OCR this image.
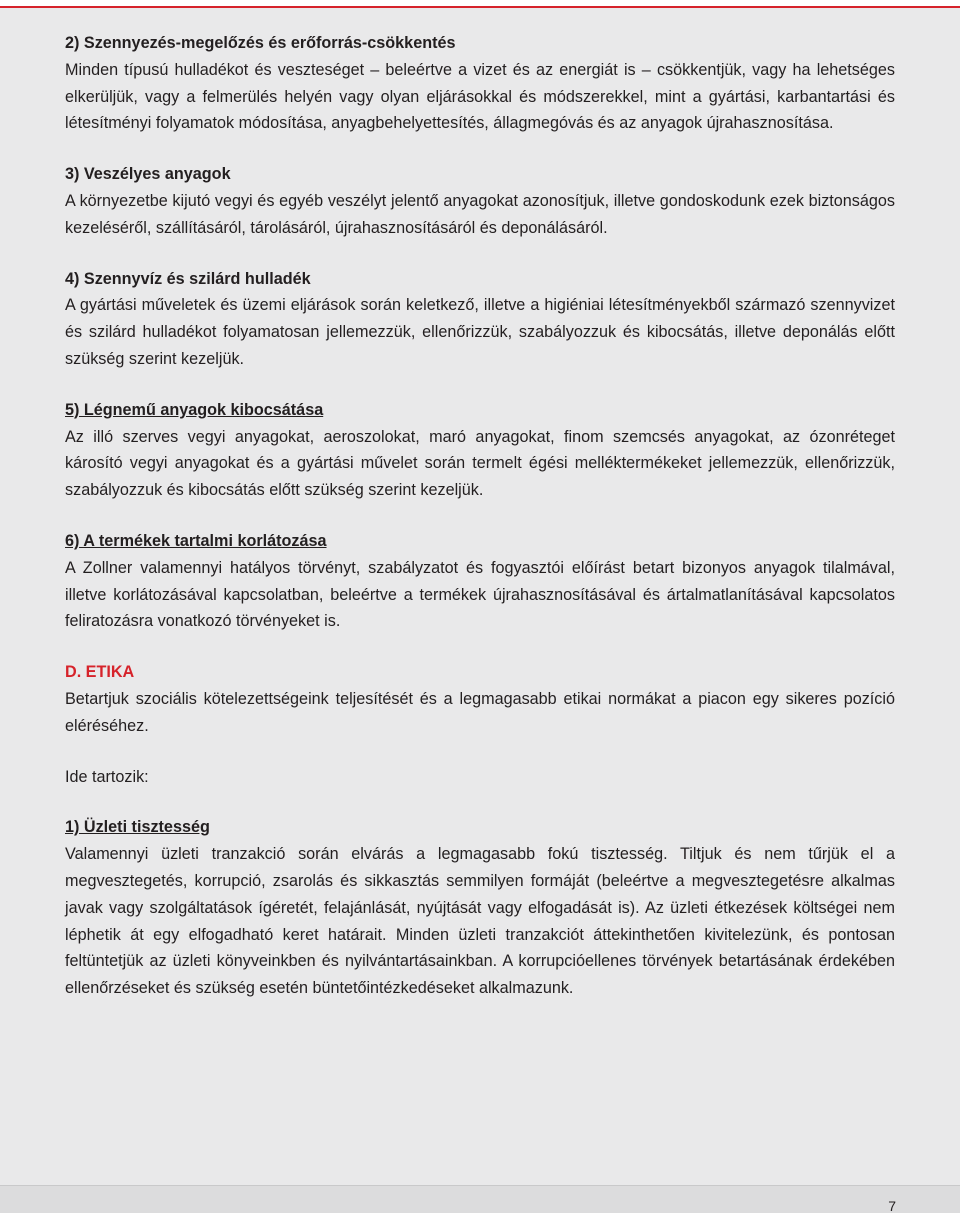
2) Szennyezés-megelőzés és erőforrás-csökkentés

Minden típusú hulladékot és veszteséget – beleértve a vizet és az energiát is – csökkentjük, vagy ha lehetséges elkerüljük, vagy a felmerülés helyén vagy olyan eljárásokkal és módszerekkel, mint a gyártási, karbantartási és létesítményi folyamatok módosítása, anyagbehelyettesítés, állagmegóvás és az anyagok újrahasznosítása.

3) Veszélyes anyagok

A környezetbe kijutó vegyi és egyéb veszélyt jelentő anyagokat azonosítjuk, illetve gondoskodunk ezek biztonságos kezeléséről, szállításáról, tárolásáról, újrahasznosításáról és deponálásáról.

4) Szennyvíz és szilárd hulladék

A gyártási műveletek és üzemi eljárások során keletkező, illetve a higiéniai létesítményekből származó szennyvizet és szilárd hulladékot folyamatosan jellemezzük, ellenőrizzük, szabályozzuk és kibocsátás, illetve deponálás előtt szükség szerint kezeljük.

5) Légnemű anyagok kibocsátása

Az illó szerves vegyi anyagokat, aeroszolokat, maró anyagokat, finom szemcsés anyagokat, az ózonréteget károsító vegyi anyagokat és a gyártási művelet során termelt égési melléktermékeket jellemezzük, ellenőrizzük, szabályozzuk és kibocsátás előtt szükség szerint kezeljük.

6) A termékek tartalmi korlátozása

A Zollner valamennyi hatályos törvényt, szabályzatot és fogyasztói előírást betart bizonyos anyagok tilalmával, illetve korlátozásával kapcsolatban, beleértve a termékek újrahasznosításával és ártalmatlanításával kapcsolatos feliratozásra vonatkozó törvényeket is.

D. ETIKA

Betartjuk szociális kötelezettségeink teljesítését és a legmagasabb etikai normákat a piacon egy sikeres pozíció eléréséhez.

Ide tartozik:

1) Üzleti tisztesség

Valamennyi üzleti tranzakció során elvárás a legmagasabb fokú tisztesség. Tiltjuk és nem tűrjük el a megvesztegetés, korrupció, zsarolás és sikkasztás semmilyen formáját (beleértve a megvesztegetésre alkalmas javak vagy szolgáltatások ígéretét, felajánlását, nyújtását vagy elfogadását is). Az üzleti étkezések költségei nem léphetik át egy elfogadható keret határait. Minden üzleti tranzakciót áttekinthetően kivitelezünk, és pontosan feltüntetjük az üzleti könyveinkben és nyilvántartásainkban. A korrupcióellenes törvények betartásának érdekében ellenőrzéseket és szükség esetén büntetőintézkedéseket alkalmazunk.

7
